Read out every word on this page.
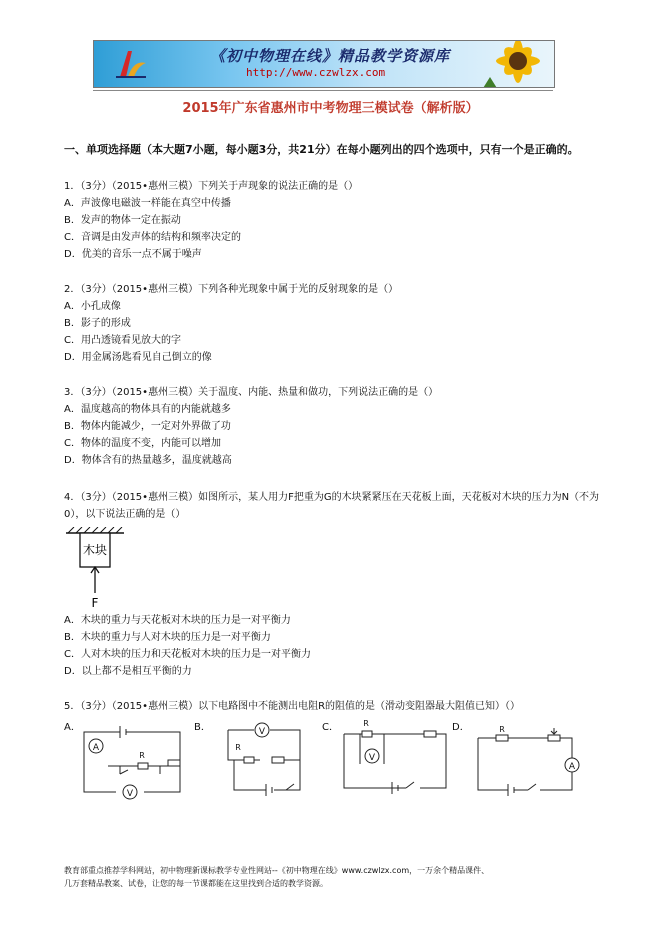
《初中物理在线》精品教学资源库
http://www.czwlzx.com
2015年广东省惠州市中考物理三模试卷（解析版）
一、单项选择题（本大题7小题，每小题3分，共21分）在每小题列出的四个选项中，只有一个是正确的。
1．（3分）（2015•惠州三模）下列关于声现象的说法正确的是（）
A．声波像电磁波一样能在真空中传播
B．发声的物体一定在振动
C．音调是由发声体的结构和频率决定的
D．优美的音乐一点不属于噪声
2．（3分）（2015•惠州三模）下列各种光现象中属于光的反射现象的是（）
A．小孔成像
B．影子的形成
C．用凸透镜看见放大的字
D．用金属汤匙看见自己倒立的像
3．（3分）（2015•惠州三模）关于温度、内能、热量和做功，下列说法正确的是（）
A．温度越高的物体具有的内能就越多
B．物体内能减少，一定对外界做了功
C．物体的温度不变，内能可以增加
D．物体含有的热量越多，温度就越高
4．（3分）（2015•惠州三模）如图所示，某人用力F把重为G的木块紧紧压在天花板上面，天花板对木块的压力为N（不为0），以下说法正确的是（）
木块
F
A．木块的重力与天花板对木块的压力是一对平衡力
B．木块的重力与人对木块的压力是一对平衡力
C．人对木块的压力和天花板对木块的压力是一对平衡力
D．以上都不是相互平衡的力
5．（3分）（2015•惠州三模）以下电路图中不能测出电阻R的阻值的是（滑动变阻器最大阻值已知）（）
A．	B．	C．	D．
A
R
V
V
R
R
V
R
A
教育部重点推荐学科网站，初中物理新课标教学专业性网站--《初中物理在线》www.czwlzx.com，一万余个精品课件、
几万套精品教案、试卷，让您的每一节课都能在这里找到合适的教学资源。
